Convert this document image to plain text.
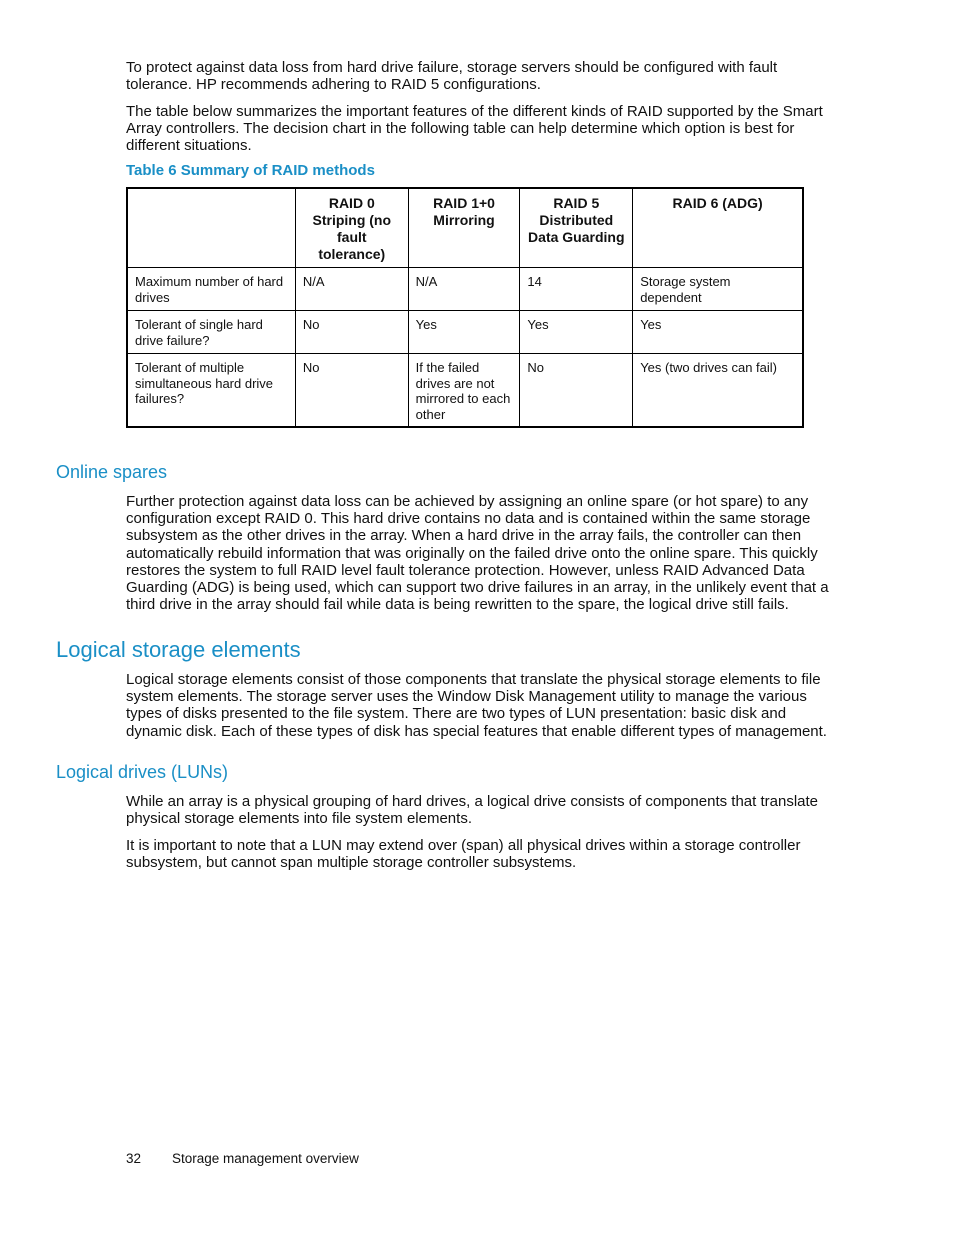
To protect against data loss from hard drive failure, storage servers should be configured with fault tolerance. HP recommends adhering to RAID 5 configurations.

The table below summarizes the important features of the different kinds of RAID supported by the Smart Array controllers. The decision chart in the following table can help determine which option is best for different situations.

Table 6 Summary of RAID methods

	RAID 0 Striping (no fault tolerance)	RAID 1+0 Mirroring	RAID 5 Distributed Data Guarding	RAID 6 (ADG)
Maximum number of hard drives	N/A	N/A	14	Storage system dependent
Tolerant of single hard drive failure?	No	Yes	Yes	Yes
Tolerant of multiple simultaneous hard drive failures?	No	If the failed drives are not mirrored to each other	No	Yes (two drives can fail)
Online spares

Further protection against data loss can be achieved by assigning an online spare (or hot spare) to any configuration except RAID 0. This hard drive contains no data and is contained within the same storage subsystem as the other drives in the array. When a hard drive in the array fails, the controller can then automatically rebuild information that was originally on the failed drive onto the online spare. This quickly restores the system to full RAID level fault tolerance protection. However, unless RAID Advanced Data Guarding (ADG) is being used, which can support two drive failures in an array, in the unlikely event that a third drive in the array should fail while data is being rewritten to the spare, the logical drive still fails.

Logical storage elements

Logical storage elements consist of those components that translate the physical storage elements to file system elements. The storage server uses the Window Disk Management utility to manage the various types of disks presented to the file system. There are two types of LUN presentation: basic disk and dynamic disk. Each of these types of disk has special features that enable different types of management.

Logical drives (LUNs)

While an array is a physical grouping of hard drives, a logical drive consists of components that translate physical storage elements into file system elements.

It is important to note that a LUN may extend over (span) all physical drives within a storage controller subsystem, but cannot span multiple storage controller subsystems.

32 Storage management overview
